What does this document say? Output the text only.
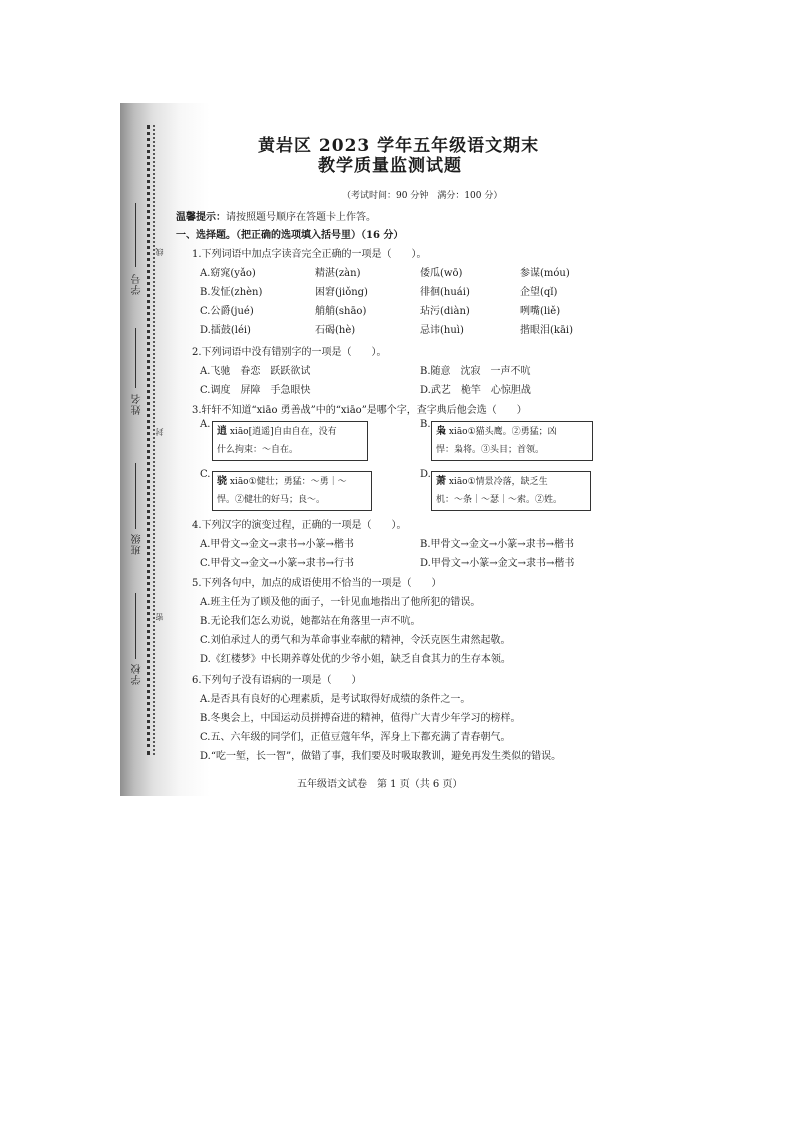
线
封
密
学号
姓名
班级
学校
黄岩区 2023 学年五年级语文期末
教学质量监测试题
（考试时间：90 分钟　满分：100 分）
温馨提示：请按照题号顺序在答题卡上作答。
一、选择题。（把正确的选项填入括号里）（16 分）
1.下列词语中加点字读音完全正确的一项是（　　）。
A.窈窕(yǎo)	精湛(zàn)	倭瓜(wō)	参谋(móu)
B.发怔(zhèn)	困窘(jiǒng)	徘徊(huái)	企望(qǐ)
C.公爵(jué)	艄艄(shāo)	玷污(diàn)	咧嘴(liě)
D.擂鼓(léi)	石碣(hè)	忌讳(huì)	揩眼泪(kāi)
2.下列词语中没有错别字的一项是（　　）。
A.飞驰　眷恋　跃跃欲试	B.随意　沈寂　一声不吭
C.调度　屏障　手急眼快	D.武艺　桅竿　心惊胆战
3.轩轩不知道“xiāo 勇善战”中的“xiāo”是哪个字，查字典后他会选（　　）
A.
逍 xiāo[逍遥]自由自在，没有
什么拘束：～自在。
B.
枭 xiāo①猫头鹰。②勇猛；凶
悍：枭将。③头目；首领。
C.
骁 xiāo①健壮；勇猛：～勇｜～
悍。②健壮的好马；良～。
D.
萧 xiāo①情景冷落，缺乏生
机：～条｜～瑟｜～索。②姓。
4.下列汉字的演变过程，正确的一项是（　　）。
A.甲骨文→金文→隶书→小篆→楷书	B.甲骨文→金文→小篆→隶书→楷书
C.甲骨文→金文→小篆→隶书→行书	D.甲骨文→小篆→金文→隶书→楷书
5.下列各句中，加点的成语使用不恰当的一项是（　　）
A.班主任为了顾及他的面子，一针见血地指出了他所犯的错误。
B.无论我们怎么劝说，她都站在角落里一声不吭。
C.刘伯承过人的勇气和为革命事业奉献的精神，令沃克医生肃然起敬。
D.《红楼梦》中长期养尊处优的少爷小姐，缺乏自食其力的生存本领。
6.下列句子没有语病的一项是（　　）
A.是否具有良好的心理素质，是考试取得好成绩的条件之一。
B.冬奥会上，中国运动员拼搏奋进的精神，值得广大青少年学习的榜样。
C.五、六年级的同学们，正值豆蔻年华，浑身上下都充满了青春朝气。
D.“吃一堑，长一智”，做错了事，我们要及时吸取教训，避免再发生类似的错误。
五年级语文试卷　第 1 页（共 6 页）
